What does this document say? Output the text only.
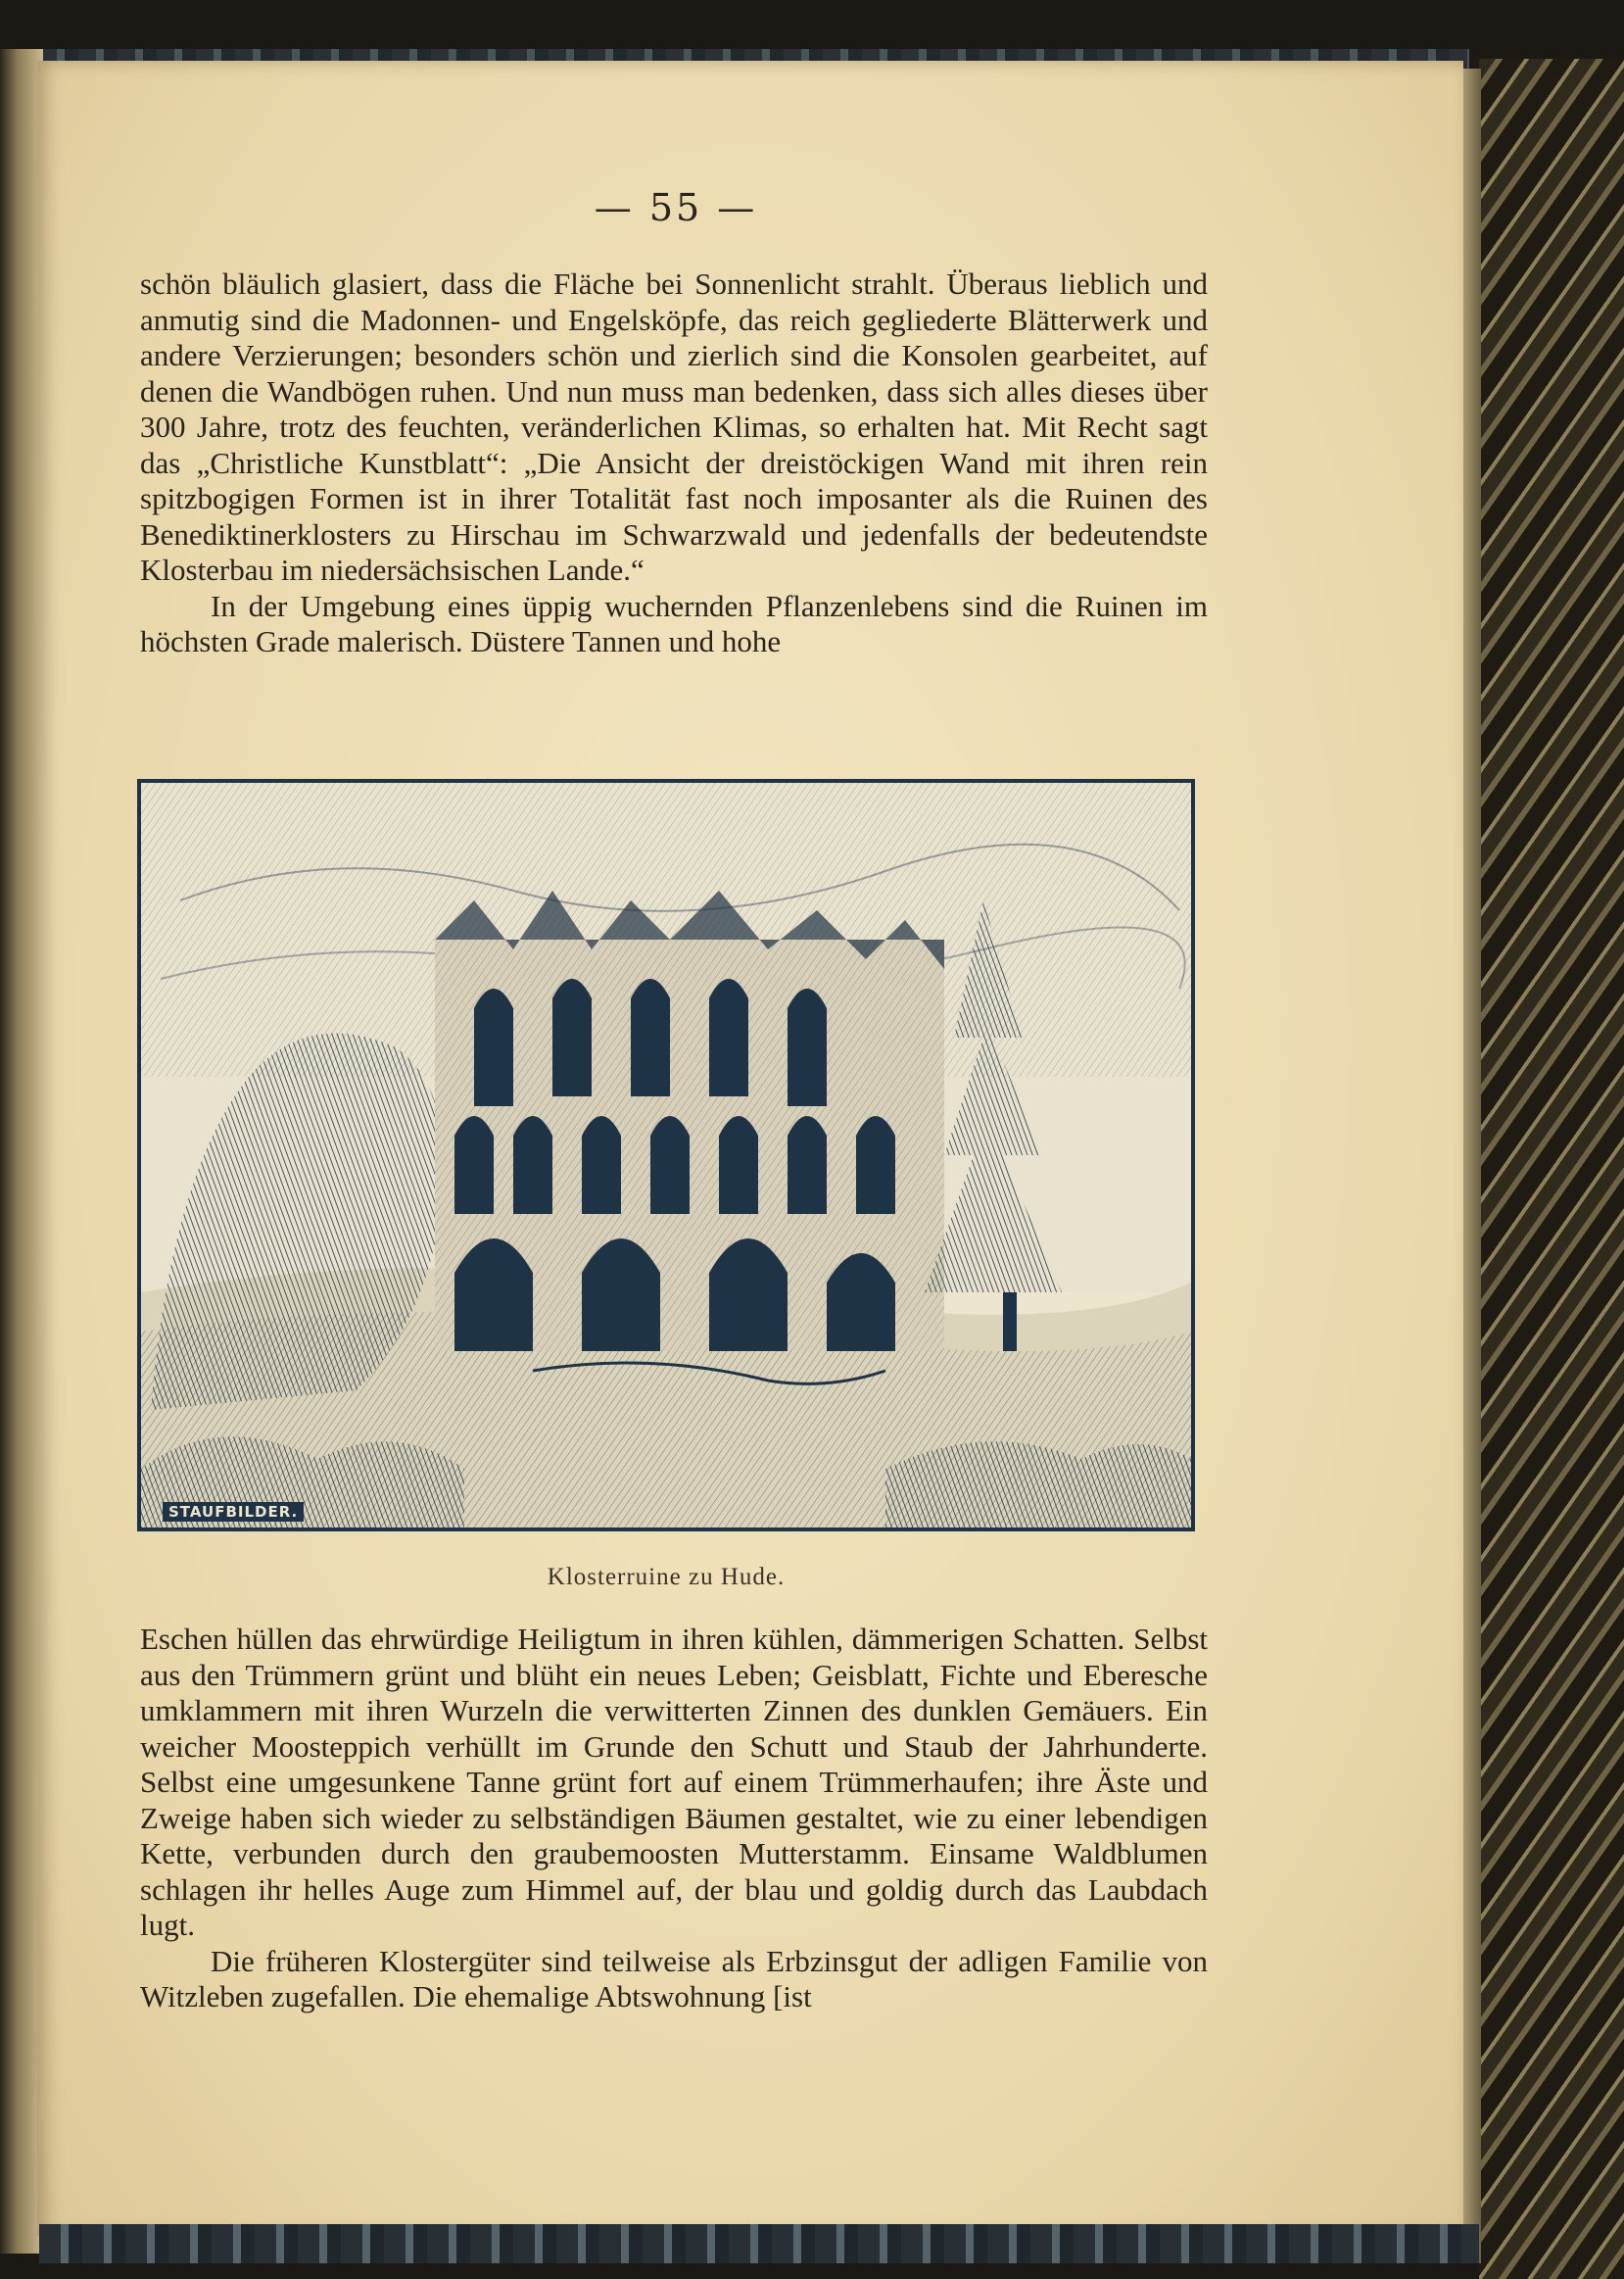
— 55 —

schön bläulich glasiert, dass die Fläche bei Sonnenlicht strahlt. Überaus lieblich und anmutig sind die Madonnen- und Engelsköpfe, das reich gegliederte Blätterwerk und andere Verzierungen; besonders schön und zierlich sind die Konsolen gearbeitet, auf denen die Wandbögen ruhen. Und nun muss man bedenken, dass sich alles dieses über 300 Jahre, trotz des feuchten, veränderlichen Klimas, so erhalten hat. Mit Recht sagt das „Christliche Kunstblatt“: „Die Ansicht der dreistöckigen Wand mit ihren rein spitzbogigen Formen ist in ihrer Totalität fast noch imposanter als die Ruinen des Benediktinerklosters zu Hirschau im Schwarzwald und jedenfalls der bedeutendste Klosterbau im niedersächsischen Lande.“

In der Umgebung eines üppig wuchernden Pflanzenlebens sind die Ruinen im höchsten Grade malerisch. Düstere Tannen und hohe

STAUFBILDER.
Klosterruine zu Hude.

Eschen hüllen das ehrwürdige Heiligtum in ihren kühlen, dämmerigen Schatten. Selbst aus den Trümmern grünt und blüht ein neues Leben; Geisblatt, Fichte und Eberesche umklammern mit ihren Wurzeln die verwitterten Zinnen des dunklen Gemäuers. Ein weicher Moosteppich verhüllt im Grunde den Schutt und Staub der Jahrhunderte. Selbst eine umgesunkene Tanne grünt fort auf einem Trümmerhaufen; ihre Äste und Zweige haben sich wieder zu selbständigen Bäumen gestaltet, wie zu einer lebendigen Kette, verbunden durch den graubemoosten Mutterstamm. Einsame Waldblumen schlagen ihr helles Auge zum Himmel auf, der blau und goldig durch das Laubdach lugt.

Die früheren Klostergüter sind teilweise als Erbzinsgut der adligen Familie von Witzleben zugefallen. Die ehemalige Abtswohnung [ist
